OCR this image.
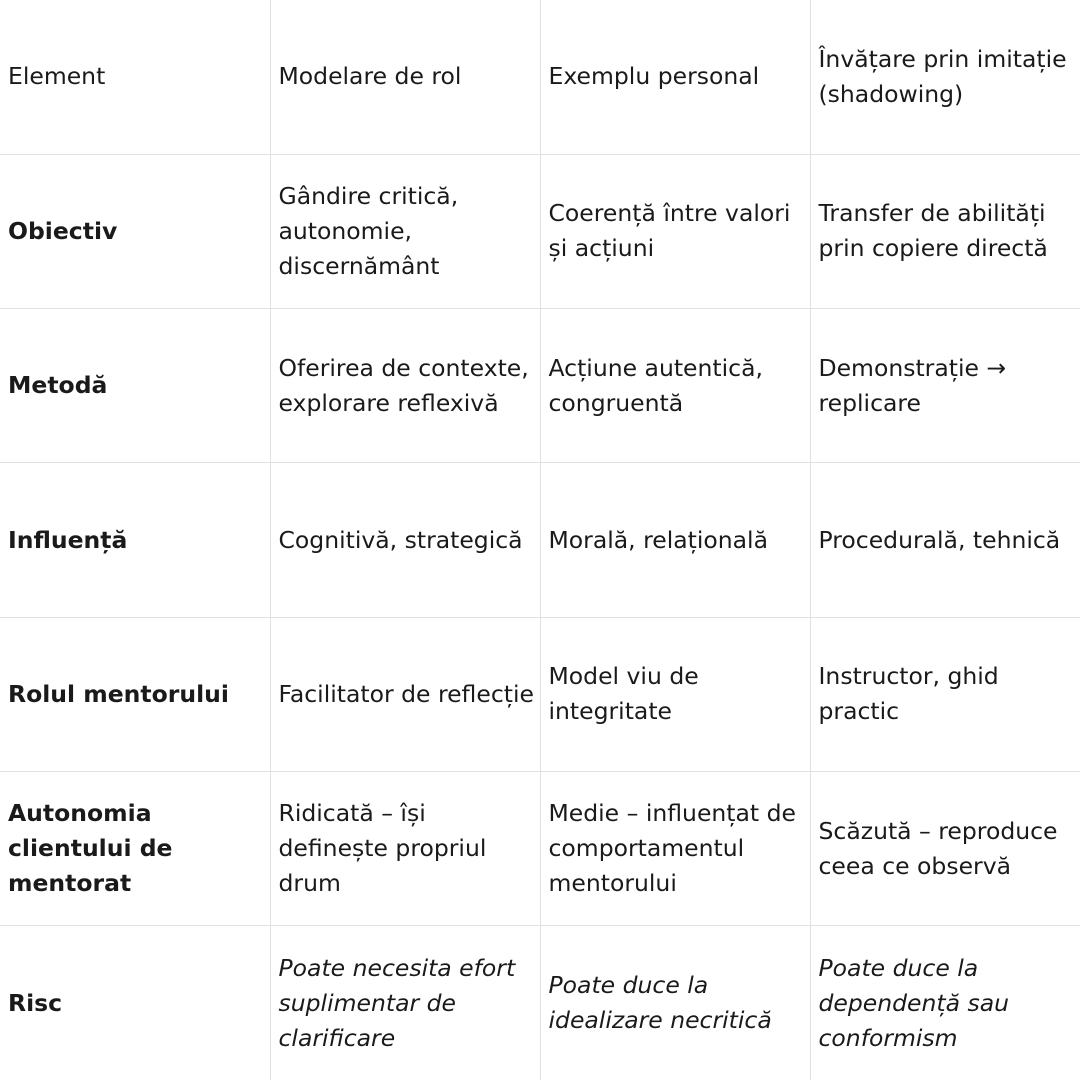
Element	Modelare de rol	Exemplu personal	Învățare prin imitație (shadowing)
Obiectiv	Gândire critică, autonomie, discernământ	Coerență între valori și acțiuni	Transfer de abilități prin copiere directă
Metodă	Oferirea de contexte, explorare reflexivă	Acțiune autentică, congruentă	Demonstrație → replicare
Influență	Cognitivă, strategică	Morală, relațională	Procedurală, tehnică
Rolul mentorului	Facilitator de reflecție	Model viu de integritate	Instructor, ghid practic
Autonomia clientului de mentorat	Ridicată – își definește propriul drum	Medie – influențat de comportamentul mentorului	Scăzută – reproduce ceea ce observă
Risc	Poate necesita efort suplimentar de clarificare	Poate duce la idealizare necritică	Poate duce la dependență sau conformism
